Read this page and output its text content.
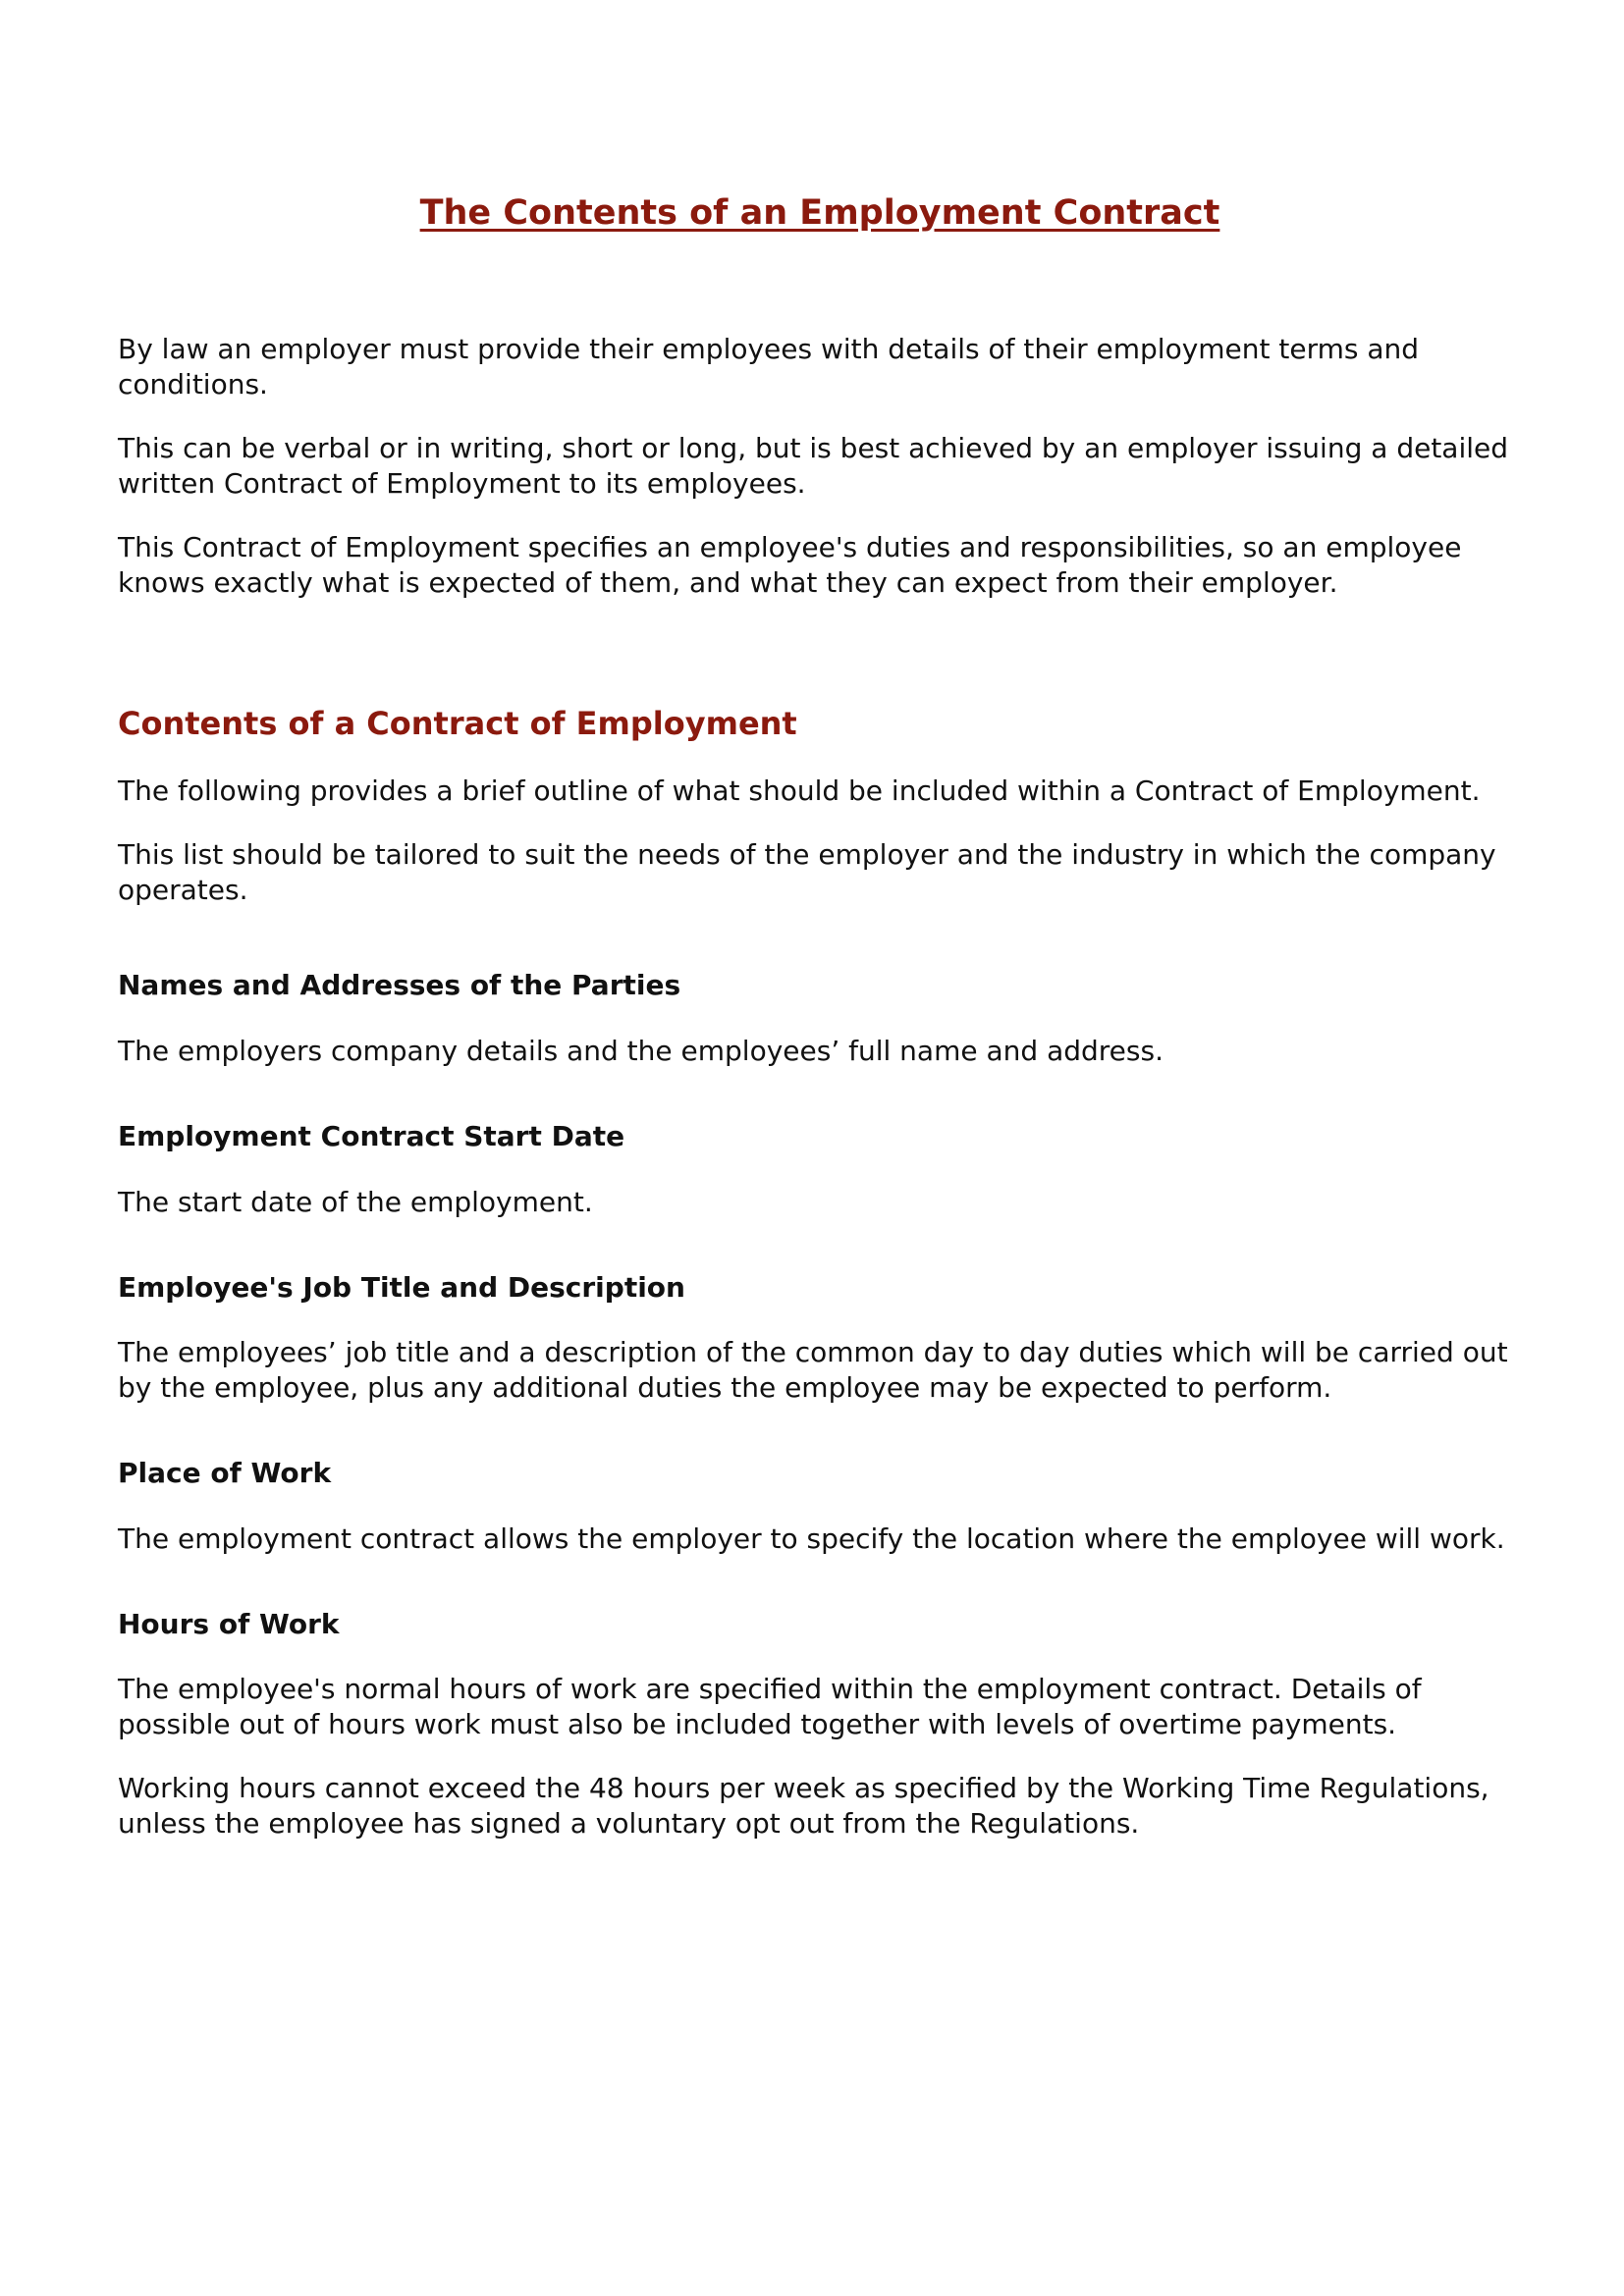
The Contents of an Employment Contract

By law an employer must provide their employees with details of their employment terms and conditions.

This can be verbal or in writing, short or long, but is best achieved by an employer issuing a detailed written Contract of Employment to its employees.

This Contract of Employment specifies an employee's duties and responsibilities, so an employee knows exactly what is expected of them, and what they can expect from their employer.

Contents of a Contract of Employment

The following provides a brief outline of what should be included within a Contract of Employment.

This list should be tailored to suit the needs of the employer and the industry in which the company operates.

Names and Addresses of the Parties

The employers company details and the employees’ full name and address.

Employment Contract Start Date

The start date of the employment.

Employee's Job Title and Description

The employees’ job title and a description of the common day to day duties which will be carried out by the employee, plus any additional duties the employee may be expected to perform.

Place of Work

The employment contract allows the employer to specify the location where the employee will work.

Hours of Work

The employee's normal hours of work are specified within the employment contract. Details of possible out of hours work must also be included together with levels of overtime payments.

Working hours cannot exceed the 48 hours per week as specified by the Working Time Regulations, unless the employee has signed a voluntary opt out from the Regulations.
